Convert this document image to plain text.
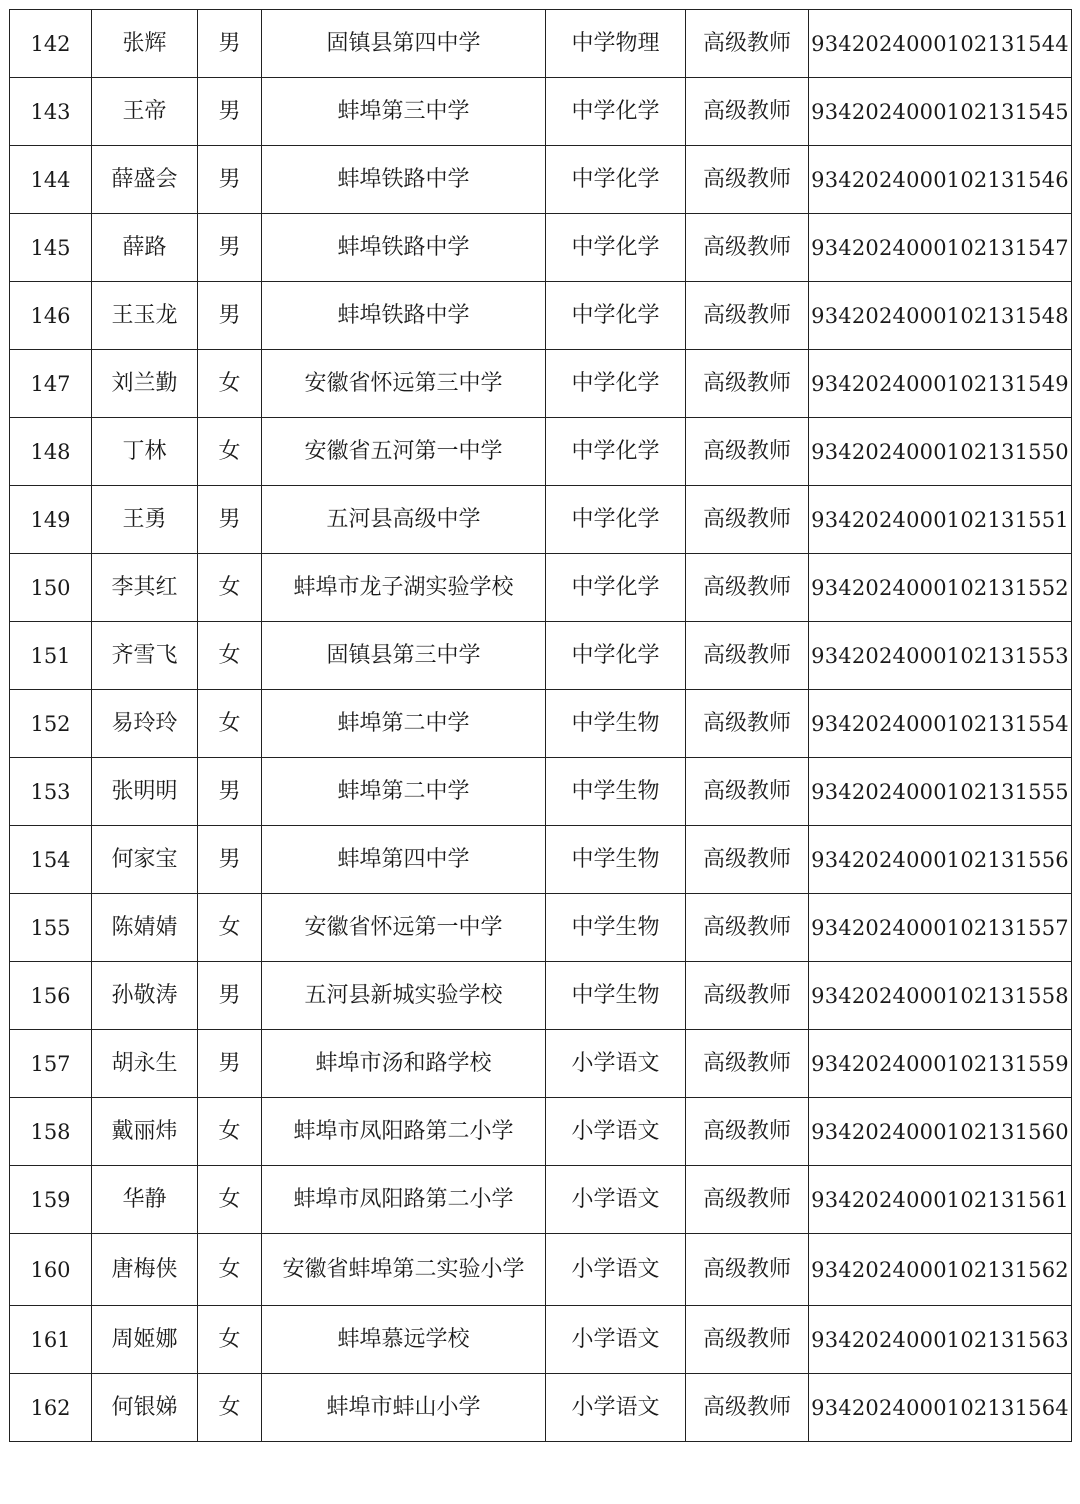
142	张辉	男	固镇县第四中学	中学物理	高级教师	9342024000102131544
143	王帝	男	蚌埠第三中学	中学化学	高级教师	9342024000102131545
144	薛盛会	男	蚌埠铁路中学	中学化学	高级教师	9342024000102131546
145	薛路	男	蚌埠铁路中学	中学化学	高级教师	9342024000102131547
146	王玉龙	男	蚌埠铁路中学	中学化学	高级教师	9342024000102131548
147	刘兰勤	女	安徽省怀远第三中学	中学化学	高级教师	9342024000102131549
148	丁林	女	安徽省五河第一中学	中学化学	高级教师	9342024000102131550
149	王勇	男	五河县高级中学	中学化学	高级教师	9342024000102131551
150	李其红	女	蚌埠市龙子湖实验学校	中学化学	高级教师	9342024000102131552
151	齐雪飞	女	固镇县第三中学	中学化学	高级教师	9342024000102131553
152	易玲玲	女	蚌埠第二中学	中学生物	高级教师	9342024000102131554
153	张明明	男	蚌埠第二中学	中学生物	高级教师	9342024000102131555
154	何家宝	男	蚌埠第四中学	中学生物	高级教师	9342024000102131556
155	陈婧婧	女	安徽省怀远第一中学	中学生物	高级教师	9342024000102131557
156	孙敬涛	男	五河县新城实验学校	中学生物	高级教师	9342024000102131558
157	胡永生	男	蚌埠市汤和路学校	小学语文	高级教师	9342024000102131559
158	戴丽炜	女	蚌埠市凤阳路第二小学	小学语文	高级教师	9342024000102131560
159	华静	女	蚌埠市凤阳路第二小学	小学语文	高级教师	9342024000102131561
160	唐梅侠	女	安徽省蚌埠第二实验小学	小学语文	高级教师	9342024000102131562
161	周姬娜	女	蚌埠慕远学校	小学语文	高级教师	9342024000102131563
162	何银娣	女	蚌埠市蚌山小学	小学语文	高级教师	9342024000102131564
